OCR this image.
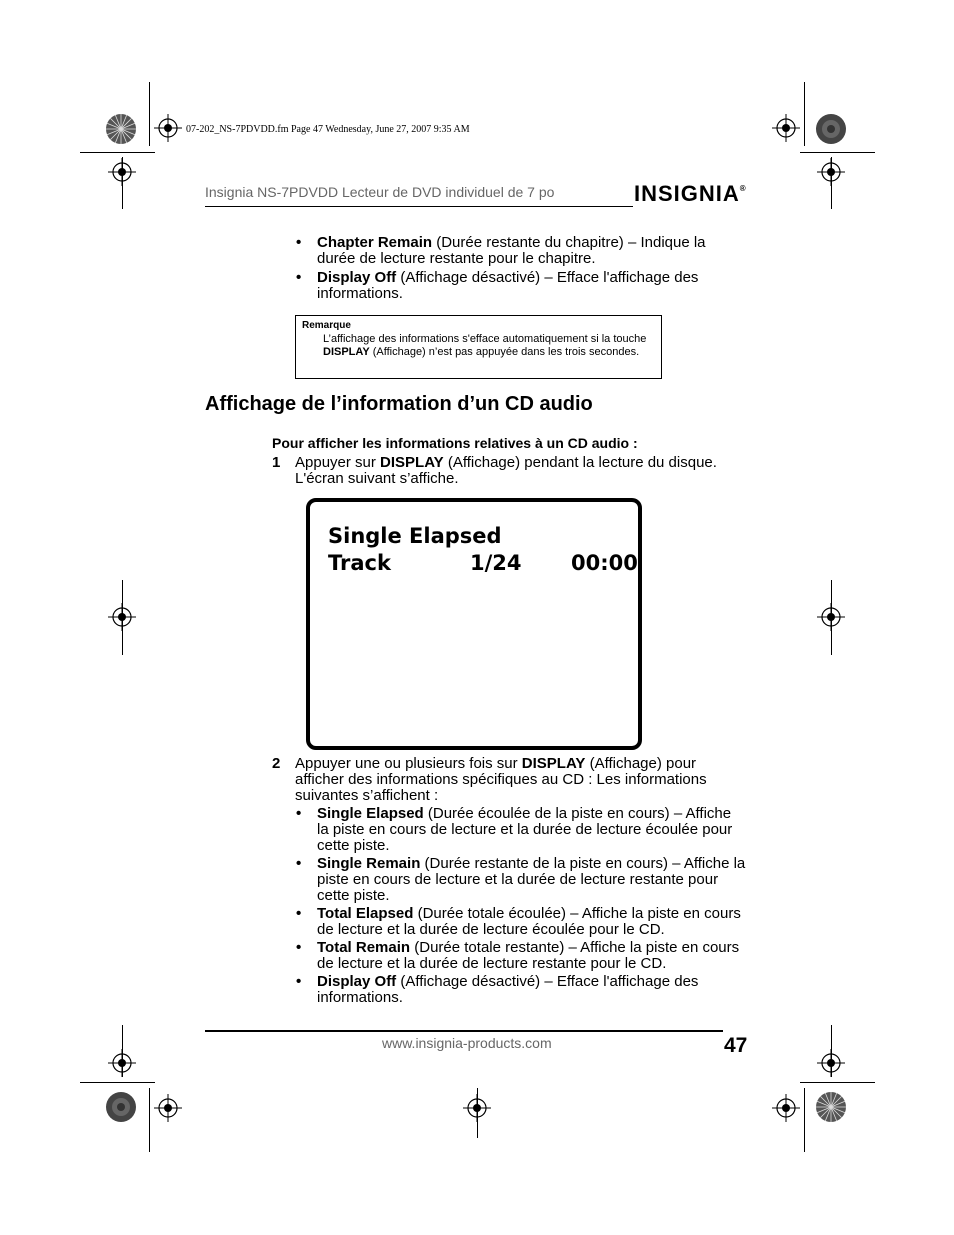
07-202_NS-7PDVDD.fm Page 47 Wednesday, June 27, 2007 9:35 AM
Insignia NS-7PDVDD Lecteur de DVD individuel de 7 po	INSIGNIA®
• Chapter Remain (Durée restante du chapitre) – Indique la durée de lecture restante pour le chapitre.
• Display Off (Affichage désactivé) – Efface l'affichage des informations.
Remarque
L’affichage des informations s'efface automatiquement si la touche DISPLAY (Affichage) n’est pas appuyée dans les trois secondes.
Affichage de l’information d’un CD audio
Pour afficher les informations relatives à un CD audio :
1 Appuyer sur DISPLAY (Affichage) pendant la lecture du disque. L'écran suivant s’affiche.
Single Elapsed
Track	1/24 00:00
2 Appuyer une ou plusieurs fois sur DISPLAY (Affichage) pour afficher des informations spécifiques au CD : Les informations suivantes s’affichent :
• Single Elapsed (Durée écoulée de la piste en cours) – Affiche la piste en cours de lecture et la durée de lecture écoulée pour cette piste.
• Single Remain (Durée restante de la piste en cours) – Affiche la piste en cours de lecture et la durée de lecture restante pour cette piste.
• Total Elapsed (Durée totale écoulée) – Affiche la piste en cours de lecture et la durée de lecture écoulée pour le CD.
• Total Remain (Durée totale restante) – Affiche la piste en cours de lecture et la durée de lecture restante pour le CD.
• Display Off (Affichage désactivé) – Efface l'affichage des informations.
www.insignia-products.com	47
